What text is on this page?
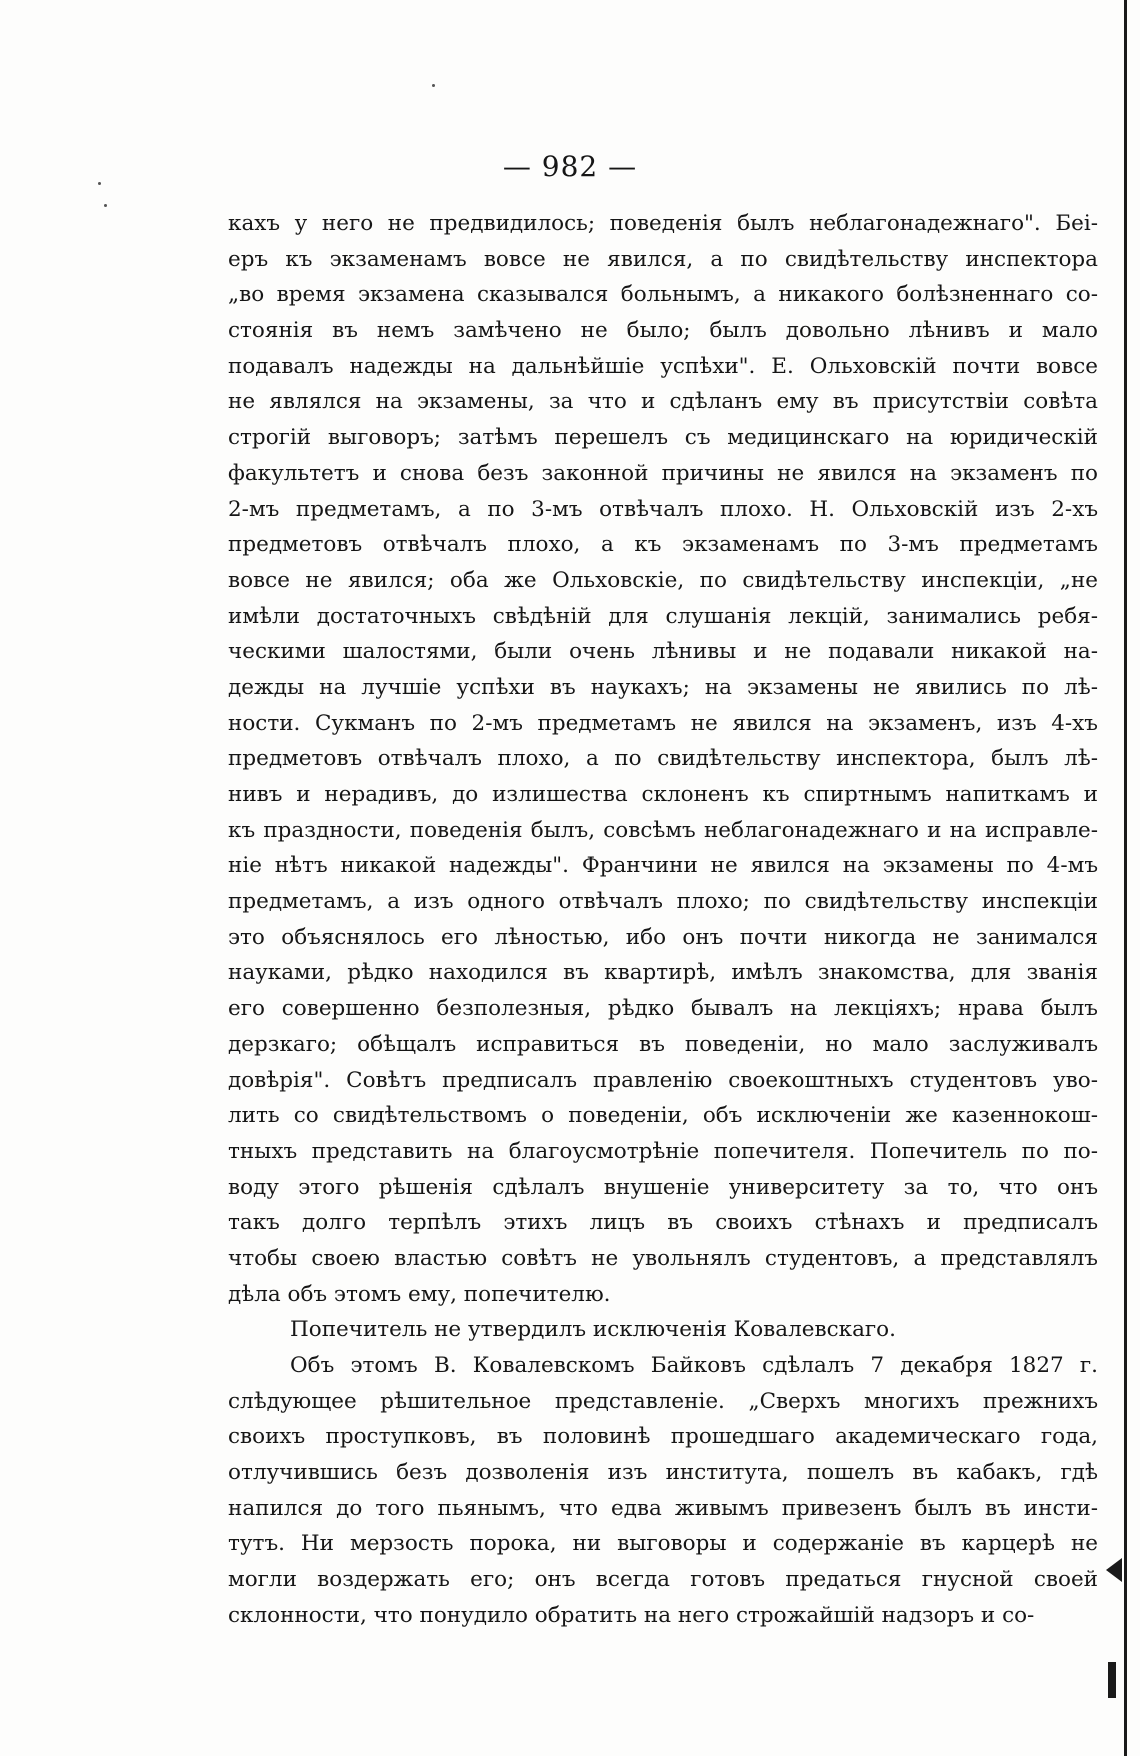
— 982 —
кахъ у него не предвидилось; поведенія былъ неблагонадежнаго". Беі-
еръ къ экзаменамъ вовсе не явился, а по свидѣтельству инспектора
„во время экзамена сказывался больнымъ, а никакого болѣзненнаго со-
стоянія въ немъ замѣчено не было; былъ довольно лѣнивъ и мало
подавалъ надежды на дальнѣйшіе успѣхи". Е. Ольховскій почти вовсе
не являлся на экзамены, за что и сдѣланъ ему въ присутствіи совѣта
строгій выговоръ; затѣмъ перешелъ съ медицинскаго на юридическій
факультетъ и снова безъ законной причины не явился на экзаменъ по
2-мъ предметамъ, а по 3-мъ отвѣчалъ плохо. Н. Ольховскій изъ 2-хъ
предметовъ отвѣчалъ плохо, а къ экзаменамъ по 3-мъ предметамъ
вовсе не явился; оба же Ольховскіе, по свидѣтельству инспекціи, „не
имѣли достаточныхъ свѣдѣній для слушанія лекцій, занимались ребя-
ческими шалостями, были очень лѣнивы и не подавали никакой на-
дежды на лучшіе успѣхи въ наукахъ; на экзамены не явились по лѣ-
ности. Сукманъ по 2-мъ предметамъ не явился на экзаменъ, изъ 4-хъ
предметовъ отвѣчалъ плохо, а по свидѣтельству инспектора, былъ лѣ-
нивъ и нерадивъ, до излишества склоненъ къ спиртнымъ напиткамъ и
къ праздности, поведенія былъ, совсѣмъ неблагонадежнаго и на исправле-
ніе нѣтъ никакой надежды". Франчини не явился на экзамены по 4-мъ
предметамъ, а изъ одного отвѣчалъ плохо; по свидѣтельству инспекціи
это объяснялось его лѣностью, ибо онъ почти никогда не занимался
науками, рѣдко находился въ квартирѣ, имѣлъ знакомства, для званія
его совершенно безполезныя, рѣдко бывалъ на лекціяхъ; нрава былъ
дерзкаго; обѣщалъ исправиться въ поведеніи, но мало заслуживалъ
довѣрія". Совѣтъ предписалъ правленію своекоштныхъ студентовъ уво-
лить со свидѣтельствомъ о поведеніи, объ исключеніи же казеннокош-
тныхъ представить на благоусмотрѣніе попечителя. Попечитель по по-
воду этого рѣшенія сдѣлалъ внушеніе университету за то, что онъ
такъ долго терпѣлъ этихъ лицъ въ своихъ стѣнахъ и предписалъ
чтобы своею властью совѣтъ не увольнялъ студентовъ, а представлялъ
дѣла объ этомъ ему, попечителю.
Попечитель не утвердилъ исключенія Ковалевскаго.
Объ этомъ В. Ковалевскомъ Байковъ сдѣлалъ 7 декабря 1827 г.
слѣдующее рѣшительное представленіе. „Сверхъ многихъ прежнихъ
своихъ проступковъ, въ половинѣ прошедшаго академическаго года,
отлучившись безъ дозволенія изъ института, пошелъ въ кабакъ, гдѣ
напился до того пьянымъ, что едва живымъ привезенъ былъ въ инсти-
тутъ. Ни мерзость порока, ни выговоры и содержаніе въ карцерѣ не
могли воздержать его; онъ всегда готовъ предаться гнусной своей
склонности, что понудило обратить на него строжайшій надзоръ и со-
